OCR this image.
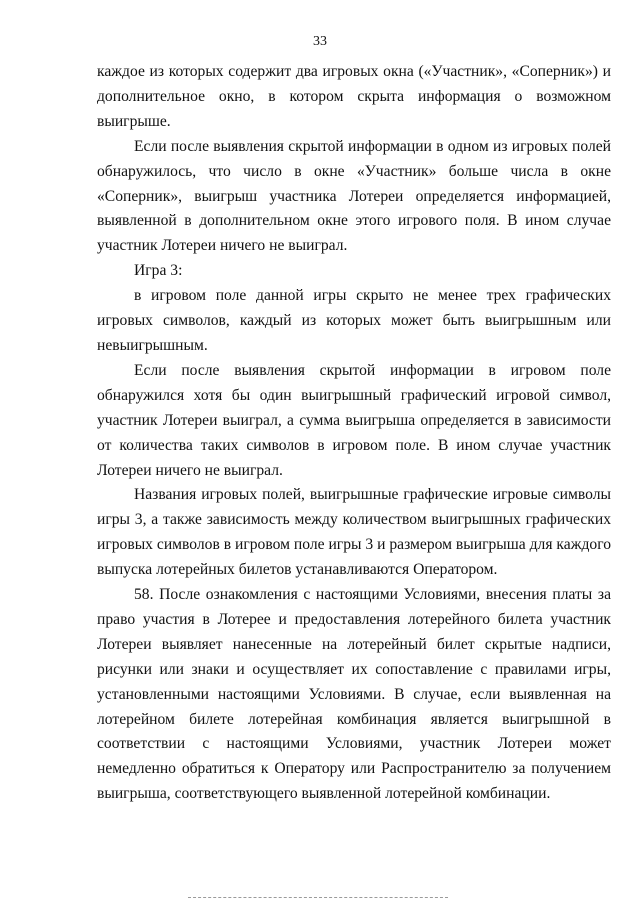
33

каждое из которых содержит два игровых окна («Участник», «Соперник») и дополнительное окно, в котором скрыта информация о возможном выигрыше.

Если после выявления скрытой информации в одном из игровых полей обнаружилось, что число в окне «Участник» больше числа в окне «Соперник», выигрыш участника Лотереи определяется информацией, выявленной в дополнительном окне этого игрового поля. В ином случае участник Лотереи ничего не выиграл.

Игра 3:

в игровом поле данной игры скрыто не менее трех графических игровых символов, каждый из которых может быть выигрышным или невыигрышным.

Если после выявления скрытой информации в игровом поле обнаружился хотя бы один выигрышный графический игровой символ, участник Лотереи выиграл, а сумма выигрыша определяется в зависимости от количества таких символов в игровом поле. В ином случае участник Лотереи ничего не выиграл.

Названия игровых полей, выигрышные графические игровые символы игры 3, а также зависимость между количеством выигрышных графических игровых символов в игровом поле игры 3 и размером выигрыша для каждого выпуска лотерейных билетов устанавливаются Оператором.

58. После ознакомления с настоящими Условиями, внесения платы за право участия в Лотерее и предоставления лотерейного билета участник Лотереи выявляет нанесенные на лотерейный билет скрытые надписи, рисунки или знаки и осуществляет их сопоставление с правилами игры, установленными настоящими Условиями. В случае, если выявленная на лотерейном билете лотерейная комбинация является выигрышной в соответствии с настоящими Условиями, участник Лотереи может немедленно обратиться к Оператору или Распространителю за получением выигрыша, соответствующего выявленной лотерейной комбинации.
